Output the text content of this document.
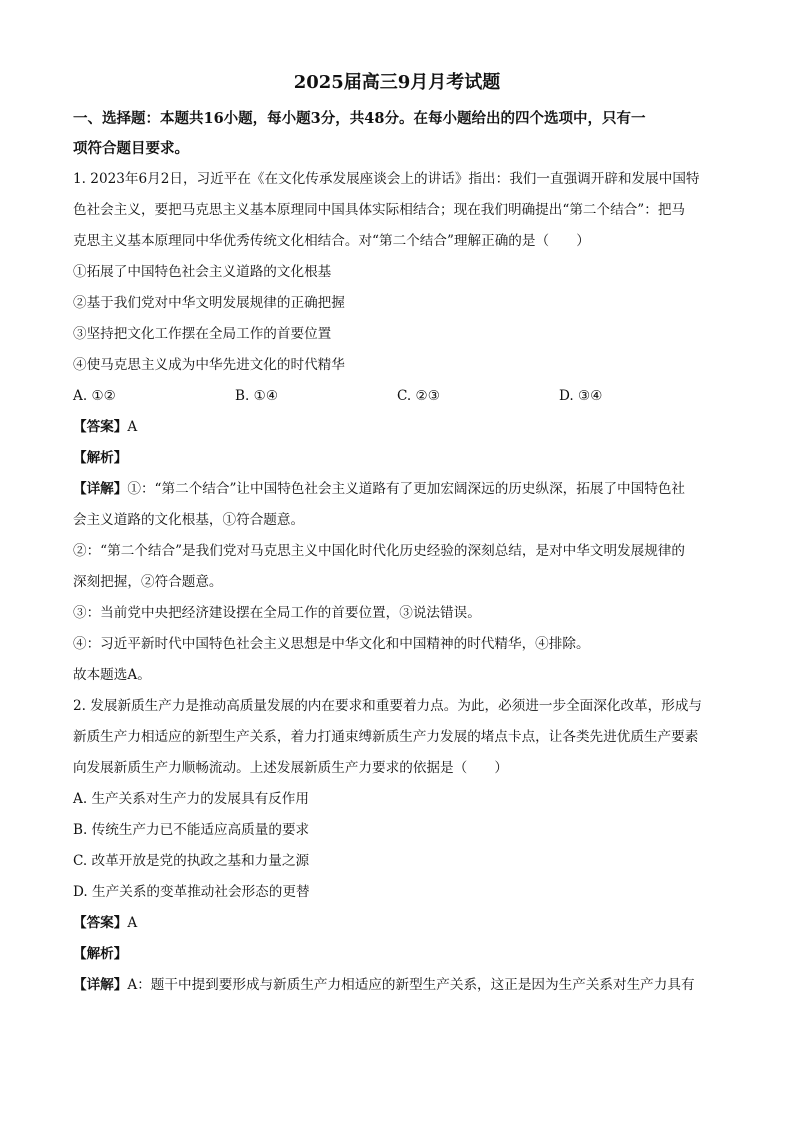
2025届高三9月月考试题
一、选择题：本题共16小题，每小题3分，共48分。在每小题给出的四个选项中，只有一
项符合题目要求。
1. 2023年6月2日，习近平在《在文化传承发展座谈会上的讲话》指出：我们一直强调开辟和发展中国特
色社会主义，要把马克思主义基本原理同中国具体实际相结合；现在我们明确提出“第二个结合”：把马
克思主义基本原理同中华优秀传统文化相结合。对“第二个结合”理解正确的是（　　）
①拓展了中国特色社会主义道路的文化根基
②基于我们党对中华文明发展规律的正确把握
③坚持把文化工作摆在全局工作的首要位置
④使马克思主义成为中华先进文化的时代精华
A. ①②	B. ①④	C. ②③	D. ③④
【答案】A
【解析】
【详解】①：“第二个结合”让中国特色社会主义道路有了更加宏阔深远的历史纵深，拓展了中国特色社
会主义道路的文化根基，①符合题意。
②：“第二个结合”是我们党对马克思主义中国化时代化历史经验的深刻总结，是对中华文明发展规律的
深刻把握，②符合题意。
③：当前党中央把经济建设摆在全局工作的首要位置，③说法错误。
④：习近平新时代中国特色社会主义思想是中华文化和中国精神的时代精华，④排除。
故本题选A。
2. 发展新质生产力是推动高质量发展的内在要求和重要着力点。为此，必须进一步全面深化改革，形成与
新质生产力相适应的新型生产关系，着力打通束缚新质生产力发展的堵点卡点，让各类先进优质生产要素
向发展新质生产力顺畅流动。上述发展新质生产力要求的依据是（　　）
A. 生产关系对生产力的发展具有反作用
B. 传统生产力已不能适应高质量的要求
C. 改革开放是党的执政之基和力量之源
D. 生产关系的变革推动社会形态的更替
【答案】A
【解析】
【详解】A：题干中提到要形成与新质生产力相适应的新型生产关系，这正是因为生产关系对生产力具有
